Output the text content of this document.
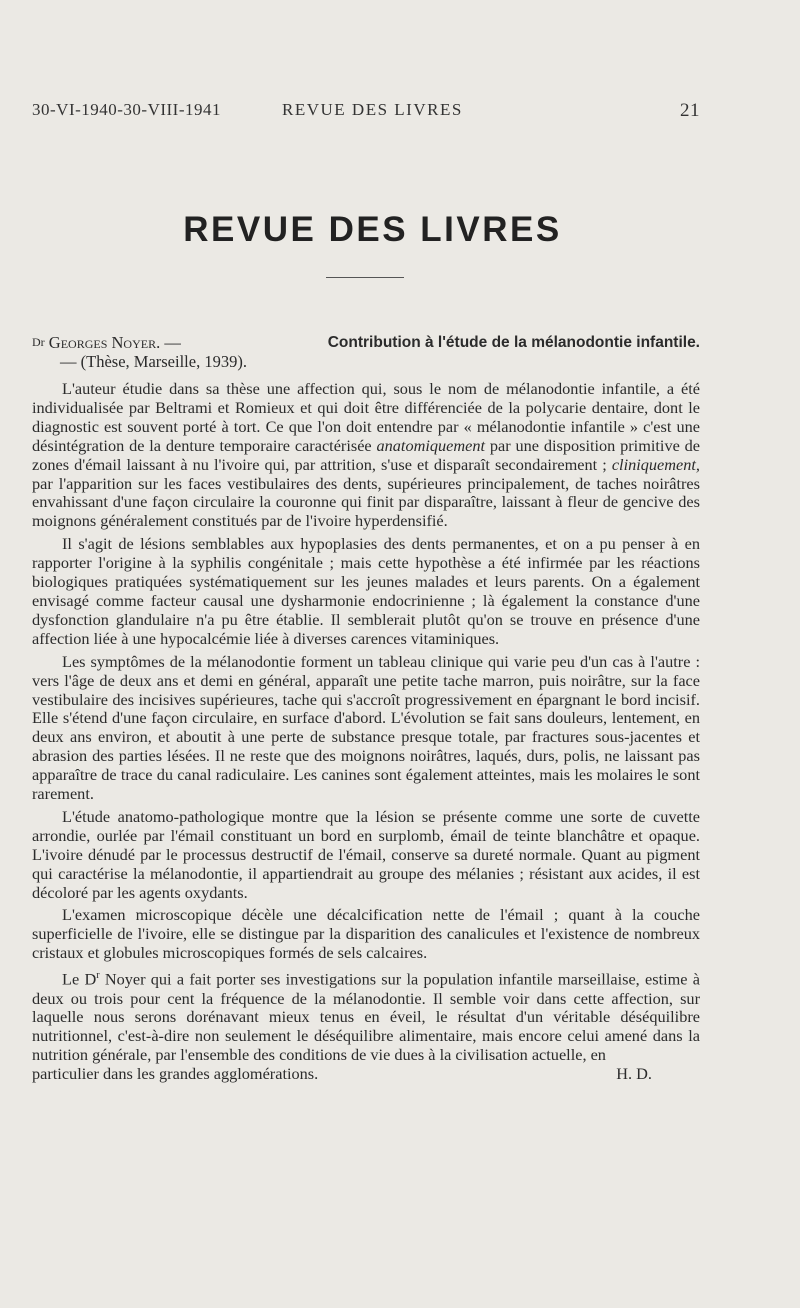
30-VI-1940-30-VIII-1941	REVUE DES LIVRES	21
REVUE DES LIVRES
$^{Dr}$ Georges Noyer. —	Contribution à l'étude de la mélanodontie infantile.
— (Thèse, Marseille, 1939).

L'auteur étudie dans sa thèse une affection qui, sous le nom de mélanodontie infantile, a été individualisée par Beltrami et Romieux et qui doit être différenciée de la polycarie dentaire, dont le diagnostic est souvent porté à tort. Ce que l'on doit entendre par « mélanodontie infantile » c'est une désintégration de la denture temporaire caractérisée anatomiquement par une disposition primitive de zones d'émail laissant à nu l'ivoire qui, par attrition, s'use et disparaît secondairement ; cliniquement, par l'apparition sur les faces vestibulaires des dents, supérieures principalement, de taches noirâtres envahissant d'une façon circulaire la couronne qui finit par disparaître, laissant à fleur de gencive des moignons généralement constitués par de l'ivoire hyperdensifié.

Il s'agit de lésions semblables aux hypoplasies des dents permanentes, et on a pu penser à en rapporter l'origine à la syphilis congénitale ; mais cette hypothèse a été infirmée par les réactions biologiques pratiquées systématiquement sur les jeunes malades et leurs parents. On a également envisagé comme facteur causal une dysharmonie endocrinienne ; là également la constance d'une dysfonction glandulaire n'a pu être établie. Il semblerait plutôt qu'on se trouve en présence d'une affection liée à une hypocalcémie liée à diverses carences vitaminiques.

Les symptômes de la mélanodontie forment un tableau clinique qui varie peu d'un cas à l'autre : vers l'âge de deux ans et demi en général, apparaît une petite tache marron, puis noirâtre, sur la face vestibulaire des incisives supérieures, tache qui s'accroît progressivement en épargnant le bord incisif. Elle s'étend d'une façon circulaire, en surface d'abord. L'évolution se fait sans douleurs, lentement, en deux ans environ, et aboutit à une perte de substance presque totale, par fractures sous-jacentes et abrasion des parties lésées. Il ne reste que des moignons noirâtres, laqués, durs, polis, ne laissant pas apparaître de trace du canal radiculaire. Les canines sont également atteintes, mais les molaires le sont rarement.

L'étude anatomo-pathologique montre que la lésion se présente comme une sorte de cuvette arrondie, ourlée par l'émail constituant un bord en surplomb, émail de teinte blanchâtre et opaque. L'ivoire dénudé par le processus destructif de l'émail, conserve sa dureté normale. Quant au pigment qui caractérise la mélanodontie, il appartiendrait au groupe des mélanies ; résistant aux acides, il est décoloré par les agents oxydants.

L'examen microscopique décèle une décalcification nette de l'émail ; quant à la couche superficielle de l'ivoire, elle se distingue par la disparition des canalicules et l'existence de nombreux cristaux et globules microscopiques formés de sels calcaires.

Le $D^r$ Noyer qui a fait porter ses investigations sur la population infantile marseillaise, estime à deux ou trois pour cent la fréquence de la mélanodontie. Il semble voir dans cette affection, sur laquelle nous serons dorénavant mieux tenus en éveil, le résultat d'un véritable déséquilibre nutritionnel, c'est-à-dire non seulement le déséquilibre alimentaire, mais encore celui amené dans la nutrition générale, par l'ensemble des conditions de vie dues à la civilisation actuelle, en

particulier dans les grandes agglomérations.	H. D.
